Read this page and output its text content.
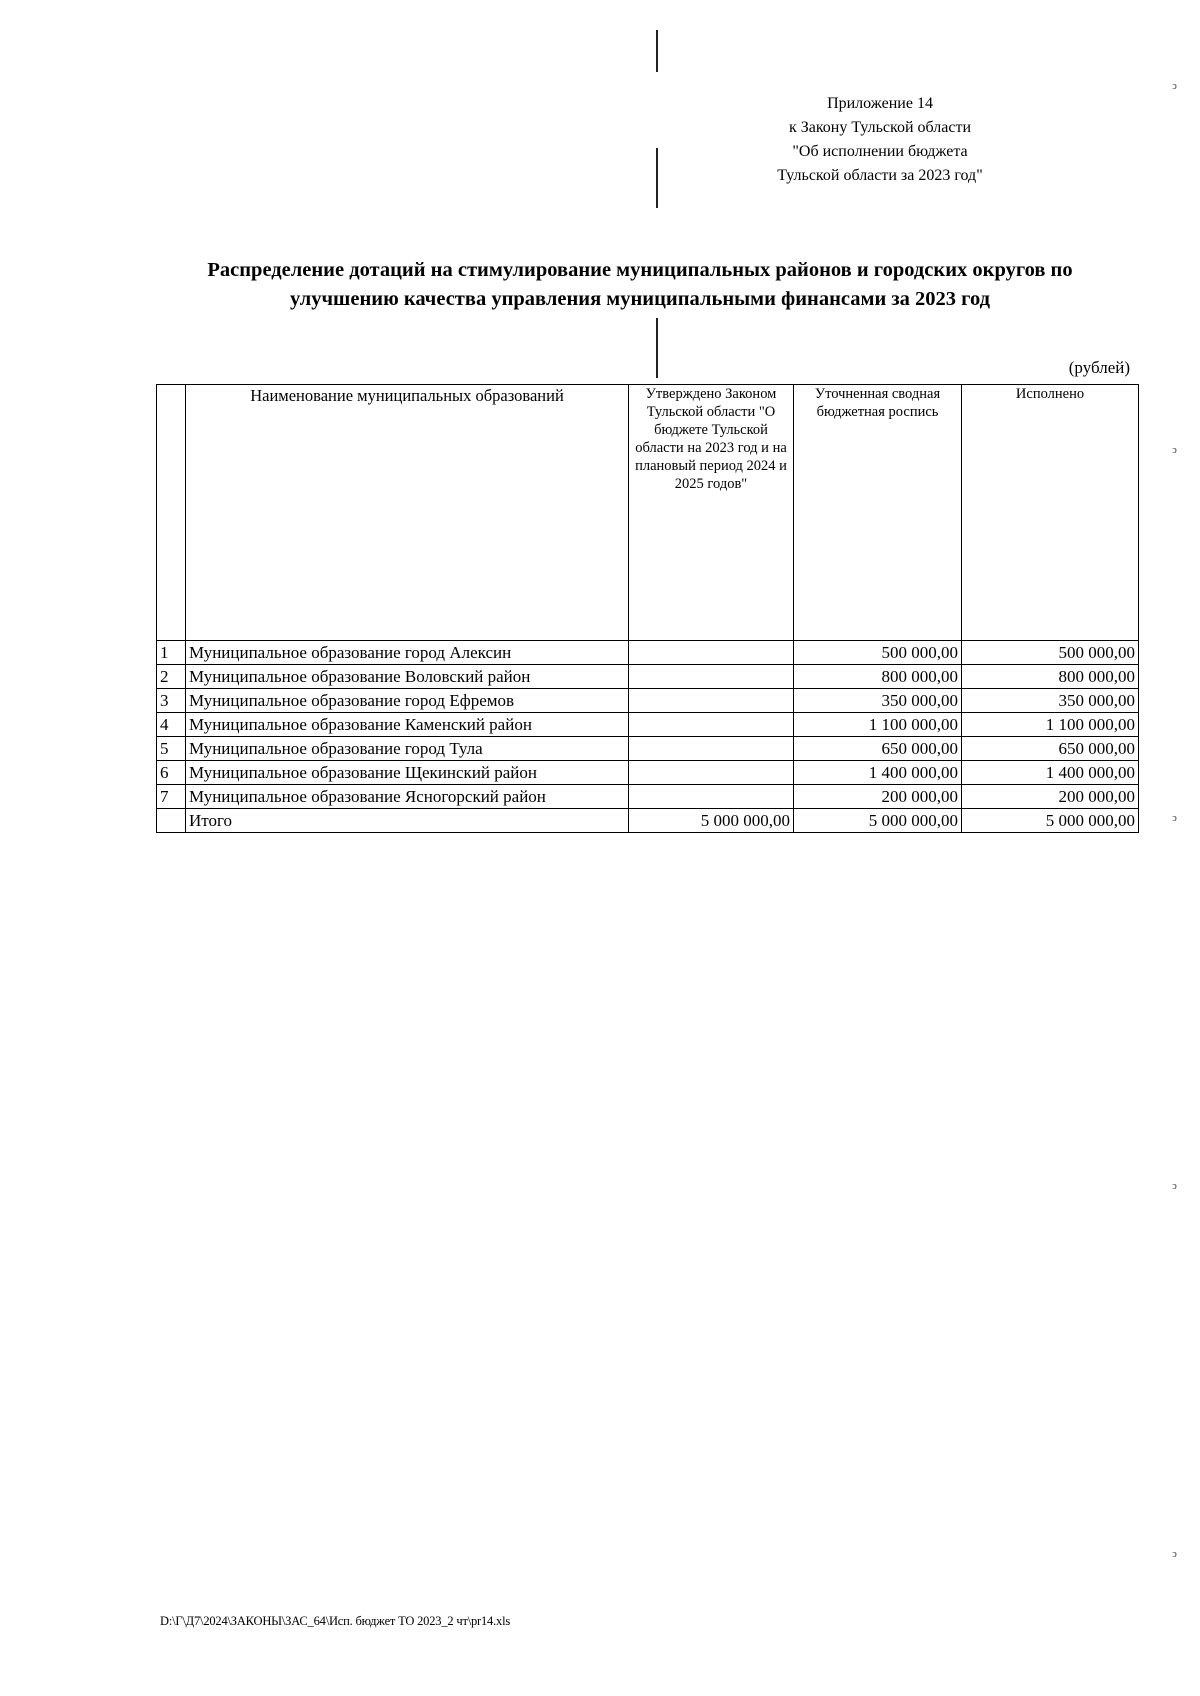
ↄ
ↄ
ↄ
ↄ
ↄ
Приложение 14
к Закону Тульской области
"Об исполнении бюджета
Тульской области за 2023 год"
Распределение дотаций на стимулирование муниципальных районов и городских округов по
улучшению качества управления муниципальными финансами за 2023 год
(рублей)
	Наименование муниципальных образований	Утверждено Законом Тульской области "О бюджете Тульской области на 2023 год и на плановый период 2024 и 2025 годов"	Уточненная сводная бюджетная роспись	Исполнено
1	Муниципальное образование город Алексин		500 000,00	500 000,00
2	Муниципальное образование Воловский район		800 000,00	800 000,00
3	Муниципальное образование город Ефремов		350 000,00	350 000,00
4	Муниципальное образование Каменский район		1 100 000,00	1 100 000,00
5	Муниципальное образование город Тула		650 000,00	650 000,00
6	Муниципальное образование Щекинский район		1 400 000,00	1 400 000,00
7	Муниципальное образование Ясногорский район		200 000,00	200 000,00
	Итого	5 000 000,00	5 000 000,00	5 000 000,00
D:\Г\Д7\2024\ЗАКОНЫ\ЗАС_64\Исп. бюджет ТО 2023_2 чт\pr14.xls
